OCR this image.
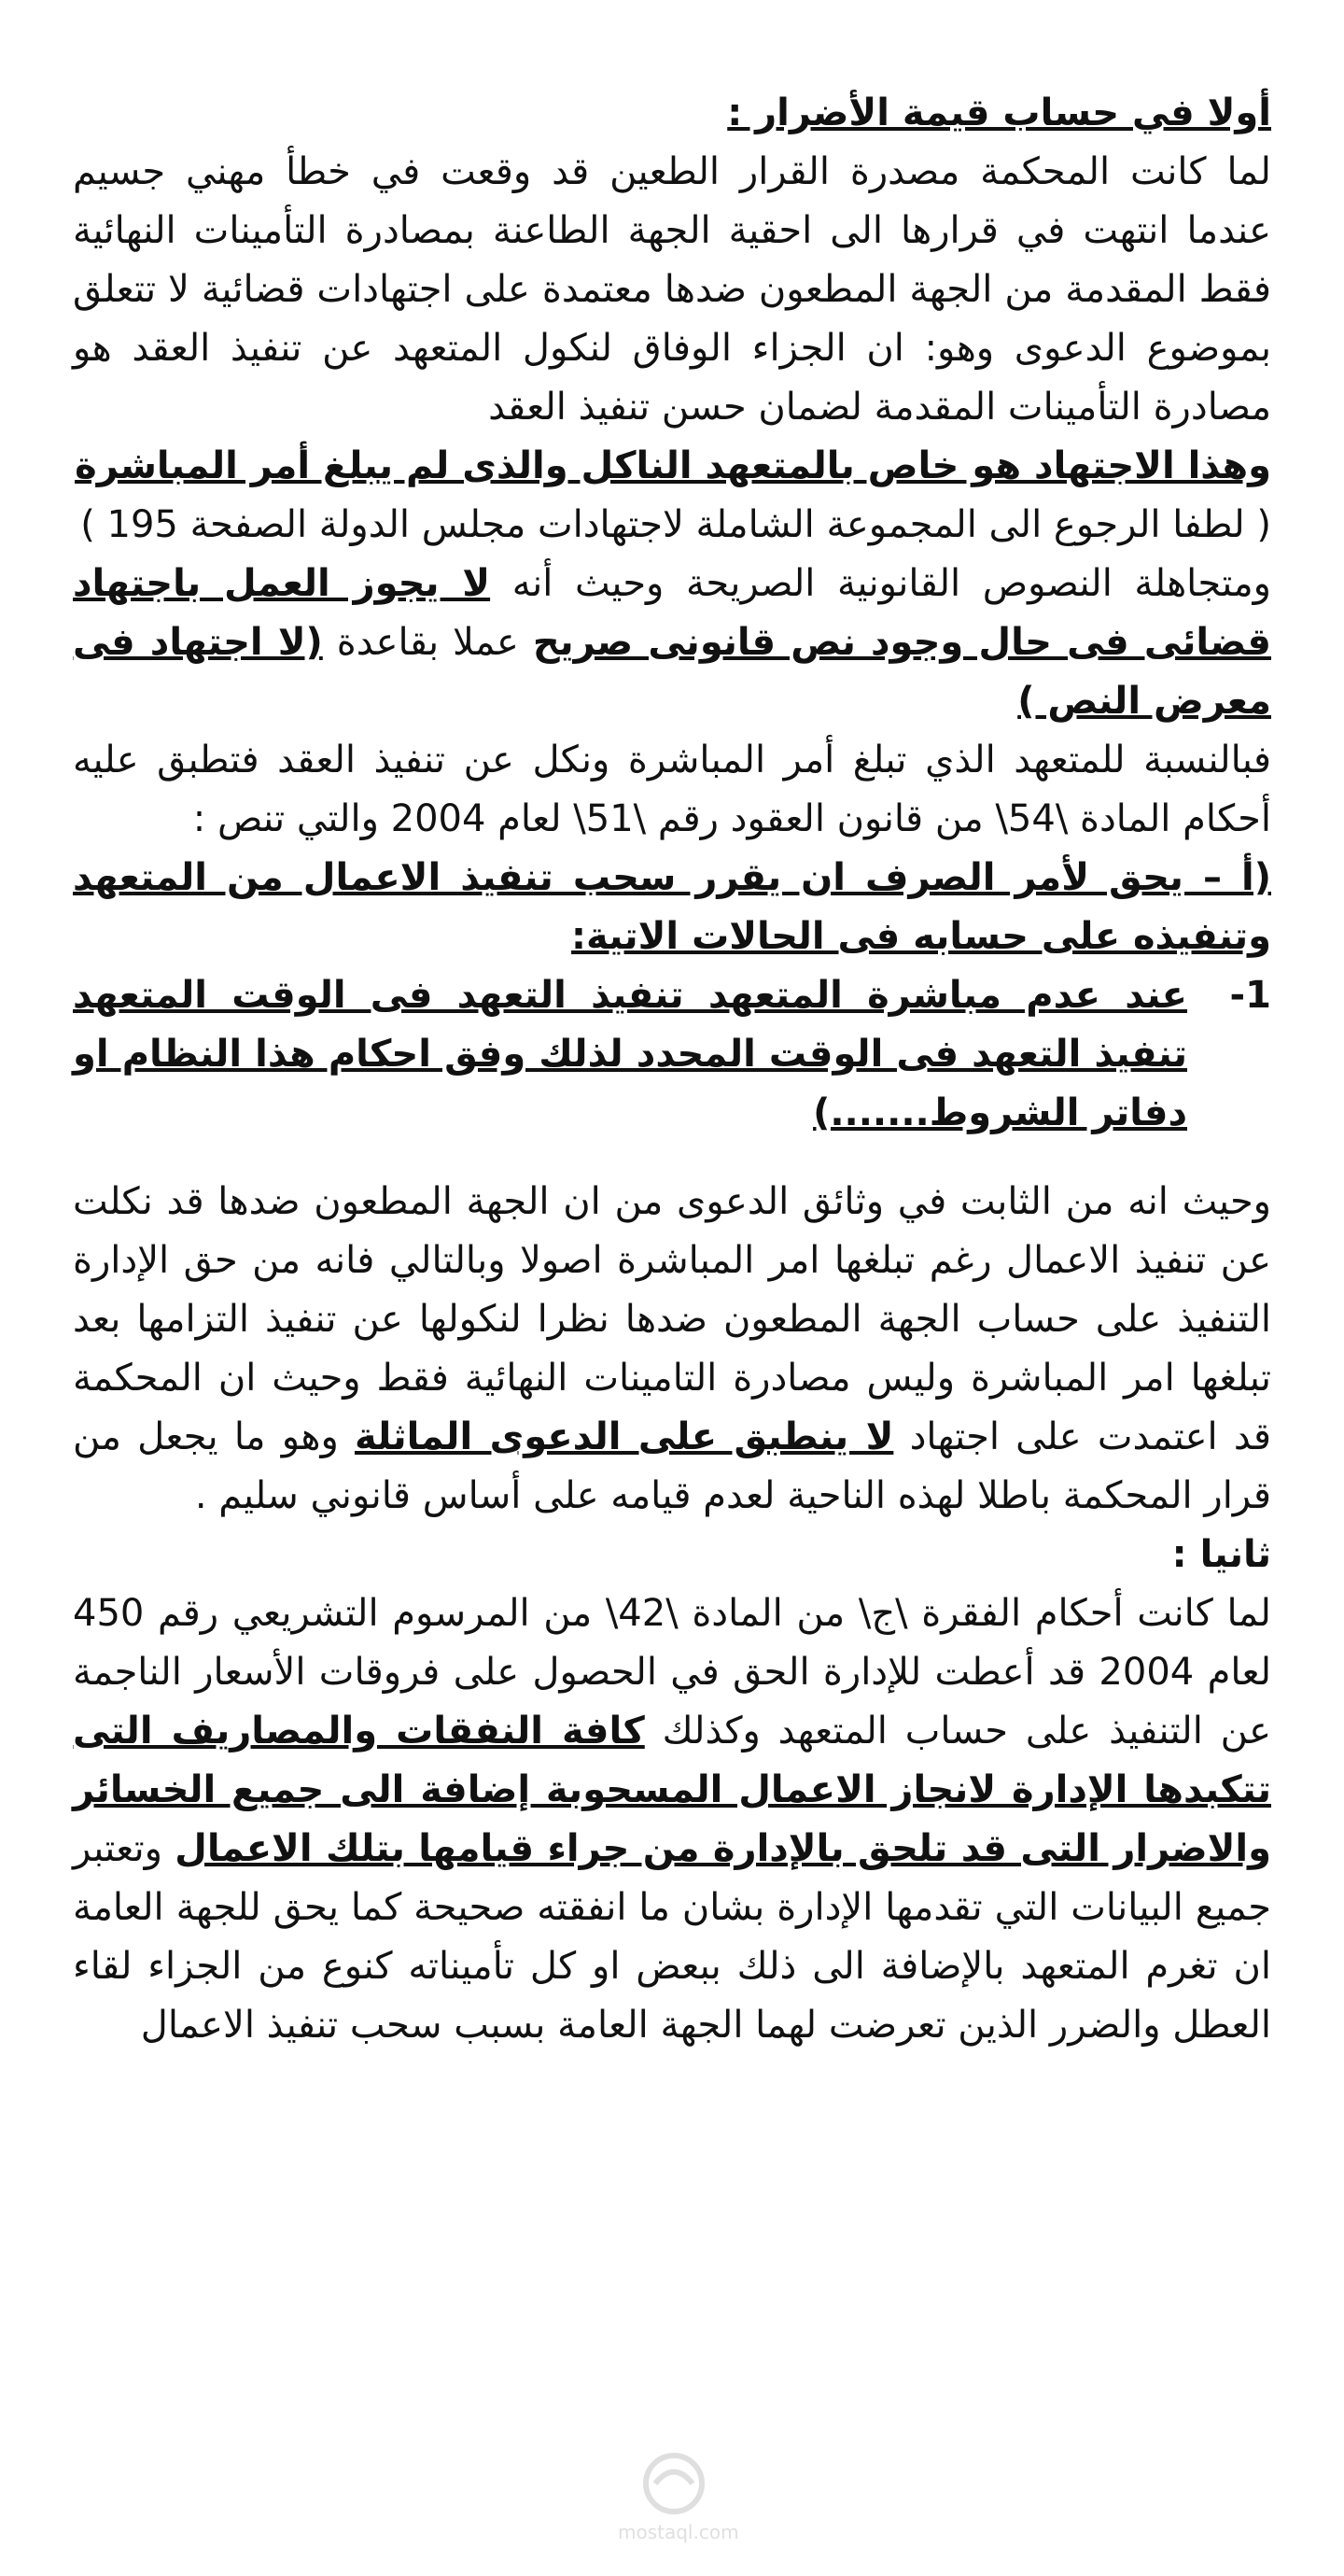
أولا في حساب قيمة الأضرار :

لما كانت المحكمة مصدرة القرار الطعين قد وقعت في خطأ مهني جسيم عندما انتهت في قرارها الى احقية الجهة الطاعنة بمصادرة التأمينات النهائية فقط المقدمة من الجهة المطعون ضدها معتمدة على اجتهادات قضائية لا تتعلق بموضوع الدعوى وهو: ان الجزاء الوفاق لنكول المتعهد عن تنفيذ العقد هو مصادرة التأمينات المقدمة لضمان حسن تنفيذ العقد

وهذا الاجتهاد هو خاص بالمتعهد الناكل والذى لم يبلغ أمر المباشرة

( لطفا الرجوع الى المجموعة الشاملة لاجتهادات مجلس الدولة الصفحة 195 )

ومتجاهلة النصوص القانونية الصريحة وحيث أنه لا يجوز العمل باجتهاد قضائى فى حال وجود نص قانونى صريح عملا بقاعدة (لا اجتهاد فى معرض النص )

فبالنسبة للمتعهد الذي تبلغ أمر المباشرة ونكل عن تنفيذ العقد فتطبق عليه أحكام المادة \54\ من قانون العقود رقم \51\ لعام 2004 والتي تنص :

(أ – يحق لأمر الصرف ان يقرر سحب تنفيذ الاعمال من المتعهد وتنفيذه على حسابه فى الحالات الاتية:

1-
عند عدم مباشرة المتعهد تنفيذ التعهد فى الوقت المتعهد تنفيذ التعهد فى الوقت المحدد لذلك وفق احكام هذا النظام او دفاتر الشروط.......)

وحيث انه من الثابت في وثائق الدعوى من ان الجهة المطعون ضدها قد نكلت عن تنفيذ الاعمال رغم تبلغها امر المباشرة اصولا وبالتالي فانه من حق الإدارة التنفيذ على حساب الجهة المطعون ضدها نظرا لنكولها عن تنفيذ التزامها بعد تبلغها امر المباشرة وليس مصادرة التامينات النهائية فقط وحيث ان المحكمة قد اعتمدت على اجتهاد لا ينطبق على الدعوى الماثلة وهو ما يجعل من قرار المحكمة باطلا لهذه الناحية لعدم قيامه على أساس قانوني سليم .

ثانيا :

لما كانت أحكام الفقرة \ج\ من المادة \42\ من المرسوم التشريعي رقم 450 لعام 2004 قد أعطت للإدارة الحق في الحصول على فروقات الأسعار الناجمة عن التنفيذ على حساب المتعهد وكذلك كافة النفقات والمصاريف التى تتكبدها الإدارة لانجاز الاعمال المسحوبة إضافة الى جميع الخسائر والاضرار التى قد تلحق بالإدارة من جراء قيامها بتلك الاعمال وتعتبر جميع البيانات التي تقدمها الإدارة بشان ما انفقته صحيحة كما يحق للجهة العامة ان تغرم المتعهد بالإضافة الى ذلك ببعض او كل تأميناته كنوع من الجزاء لقاء العطل والضرر الذين تعرضت لهما الجهة العامة بسبب سحب تنفيذ الاعمال

mostaql.com
